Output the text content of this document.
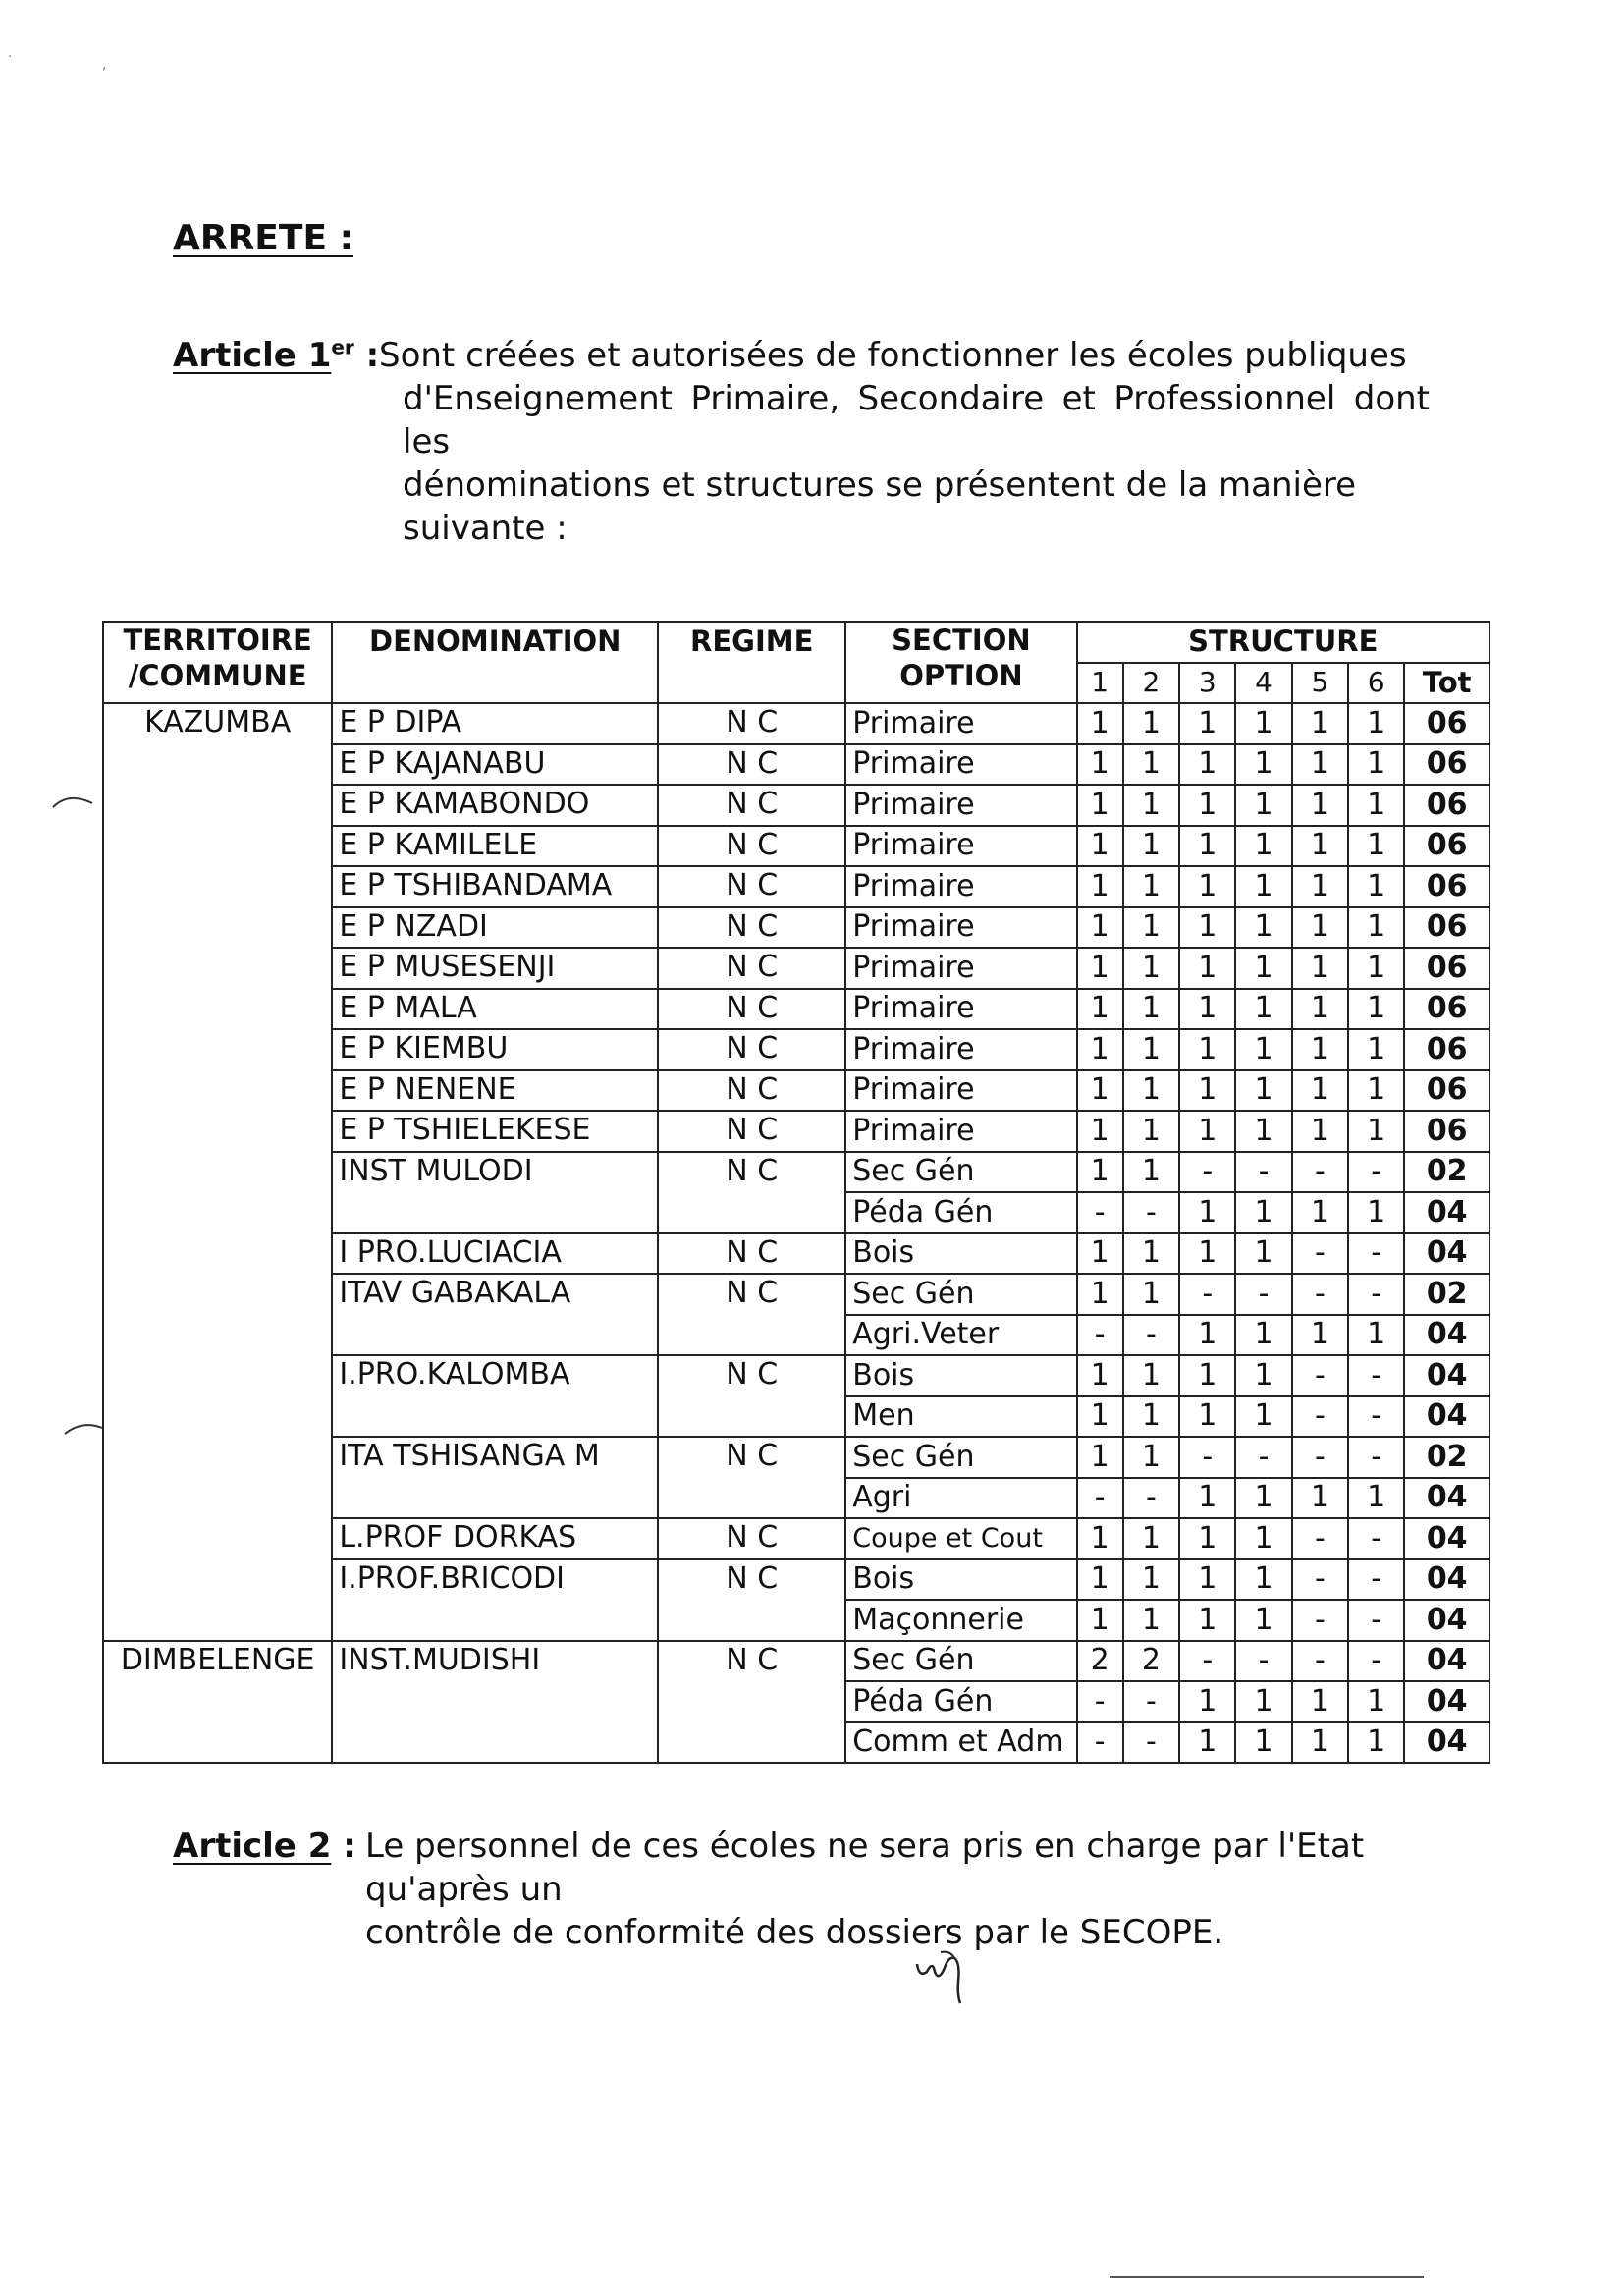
·	,
ARRETE :
Article 1er : Sont créées et autorisées de fonctionner les écoles publiques
d'Enseignement Primaire, Secondaire et Professionnel dont les
dénominations et structures se présentent de la manière
suivante :
TERRITOIRE /COMMUNE	DENOMINATION	REGIME	SECTION OPTION	STRUCTURE						
				1	2	3	4	5	6	Tot
KAZUMBA	E P DIPA	N C	Primaire	1	1	1	1	1	1	06
	E P KAJANABU	N C	Primaire	1	1	1	1	1	1	06
	E P KAMABONDO	N C	Primaire	1	1	1	1	1	1	06
	E P KAMILELE	N C	Primaire	1	1	1	1	1	1	06
	E P TSHIBANDAMA	N C	Primaire	1	1	1	1	1	1	06
	E P NZADI	N C	Primaire	1	1	1	1	1	1	06
	E P MUSESENJI	N C	Primaire	1	1	1	1	1	1	06
	E P MALA	N C	Primaire	1	1	1	1	1	1	06
	E P KIEMBU	N C	Primaire	1	1	1	1	1	1	06
	E P NENENE	N C	Primaire	1	1	1	1	1	1	06
	E P TSHIELEKESE	N C	Primaire	1	1	1	1	1	1	06
	INST MULODI	N C	Sec Gén	1	1	-	-	-	-	02
			Péda Gén	-	-	1	1	1	1	04
	I PRO.LUCIACIA	N C	Bois	1	1	1	1	-	-	04
	ITAV GABAKALA	N C	Sec Gén	1	1	-	-	-	-	02
			Agri.Veter	-	-	1	1	1	1	04
	I.PRO.KALOMBA	N C	Bois	1	1	1	1	-	-	04
			Men	1	1	1	1	-	-	04
	ITA TSHISANGA M	N C	Sec Gén	1	1	-	-	-	-	02
			Agri	-	-	1	1	1	1	04
	L.PROF DORKAS	N C	Coupe et Cout	1	1	1	1	-	-	04
	I.PROF.BRICODI	N C	Bois	1	1	1	1	-	-	04
			Maçonnerie	1	1	1	1	-	-	04
DIMBELENGE	INST.MUDISHI	N C	Sec Gén	2	2	-	-	-	-	04
			Péda Gén	-	-	1	1	1	1	04
			Comm et Adm	-	-	1	1	1	1	04
Article 2 : Le personnel de ces écoles ne sera pris en charge par l'Etat qu'après un
contrôle de conformité des dossiers par le SECOPE.
